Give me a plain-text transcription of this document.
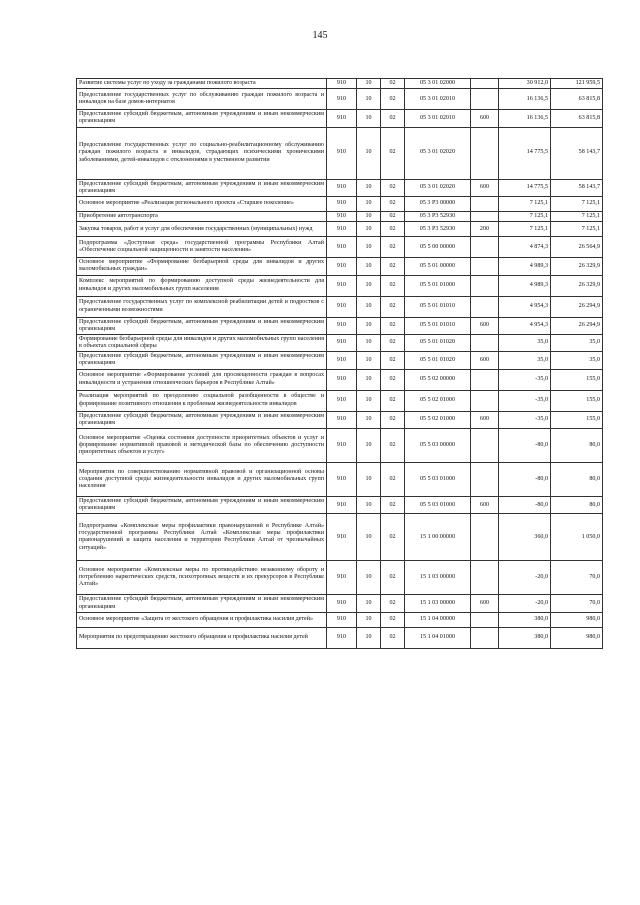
145
Развитие системы услуг по уходу за гражданами пожилого возраста	910	10	02	05 3 01 02000		30 912,0	121 959,5
Предоставление государственных услуг по обслуживанию граждан пожилого возраста и инвалидов на базе домов-интернатов	910	10	02	05 3 01 02010		16 136,5	63 815,8
Предоставление субсидий бюджетным, автономным учреждениям и иным некоммерческим организациям	910	10	02	05 3 01 02010	600	16 136,5	63 815,8
Предоставление государственных услуг по социально-реабилитационному обслуживанию граждан пожилого возраста и инвалидов, страдающих психическими хроническими заболеваниями, детей-инвалидов с отклонениями в умственном развитии	910	10	02	05 3 01 02020		14 775,5	58 143,7
Предоставление субсидий бюджетным, автономным учреждениям и иным некоммерческим организациям	910	10	02	05 3 01 02020	600	14 775,5	58 143,7
Основное мероприятие «Реализация регионального проекта «Старшее поколение»	910	10	02	05 3 P3 00000		7 125,1	7 125,1
Приобретение автотранспорта	910	10	02	05 3 P3 52930		7 125,1	7 125,1
Закупка товаров, работ и услуг для обеспечения государственных (муниципальных) нужд	910	10	02	05 3 P3 52930	200	7 125,1	7 125,1
Подпрограмма «Доступная среда» государственной программы Республики Алтай «Обеспечение социальной защищенности и занятости населения»	910	10	02	05 5 00 00000		4 874,3	26 564,9
Основное мероприятие «Формирование безбарьерной среды для инвалидов и других маломобильных граждан»	910	10	02	05 5 01 00000		4 989,3	26 329,9
Комплекс мероприятий по формированию доступной среды жизнедеятельности для инвалидов и других маломобильных групп населения	910	10	02	05 5 01 01000		4 989,3	26 329,9
Предоставление государственных услуг по комплексной реабилитации детей и подростков с ограниченными возможностями	910	10	02	05 5 01 01010		4 954,3	26 294,9
Предоставление субсидий бюджетным, автономным учреждениям и иным некоммерческим организациям	910	10	02	05 5 01 01010	600	4 954,3	26 294,9
Формирование безбарьерной среды для инвалидов и других маломобильных групп населения в объектах социальной сферы	910	10	02	05 5 01 01020		35,0	35,0
Предоставление субсидий бюджетным, автономным учреждениям и иным некоммерческим организациям	910	10	02	05 5 01 01020	600	35,0	35,0
Основное мероприятие «Формирование условий для просвещенности граждан в вопросах инвалидности и устранения отношенческих барьеров в Республике Алтай»	910	10	02	05 5 02 00000		-35,0	155,0
Реализация мероприятий по преодолению социальной разобщенности в обществе и формирование позитивного отношения к проблемам жизнедеятельности инвалидов	910	10	02	05 5 02 01000		-35,0	155,0
Предоставление субсидий бюджетным, автономным учреждениям и иным некоммерческим организациям	910	10	02	05 5 02 01000	600	-35,0	155,0
Основное мероприятие «Оценка состояния доступности приоритетных объектов и услуг и формирование нормативной правовой и методической базы по обеспечению доступности приоритетных объектов и услуг»	910	10	02	05 5 03 00000		-80,0	80,0
Мероприятия по совершенствованию нормативной правовой и организационной основы создания доступной среды жизнедеятельности инвалидов и других маломобильных групп населения	910	10	02	05 5 03 01000		-80,0	80,0
Предоставление субсидий бюджетным, автономным учреждениям и иным некоммерческим организациям	910	10	02	05 5 03 01000	600	-80,0	80,0
Подпрограмма «Комплексные меры профилактики правонарушений в Республике Алтай» государственной программы Республики Алтай «Комплексные меры профилактики правонарушений и защита населения и территории Республики Алтай от чрезвычайных ситуаций»	910	10	02	15 1 00 00000		360,0	1 050,0
Основное мероприятие «Комплексные меры по противодействию незаконному обороту и потреблению наркотических средств, психотропных веществ и их прекурсоров в Республике Алтай»	910	10	02	15 1 03 00000		-20,0	70,0
Предоставление субсидий бюджетным, автономным учреждениям и иным некоммерческим организациям	910	10	02	15 1 03 00000	600	-20,0	70,0
Основное мероприятие «Защита от жестокого обращения и профилактика насилия детей»	910	10	02	15 1 04 00000		380,0	980,0
Мероприятия по предотвращению жестокого обращения и профилактика насилия детей	910	10	02	15 1 04 01000		380,0	980,0
